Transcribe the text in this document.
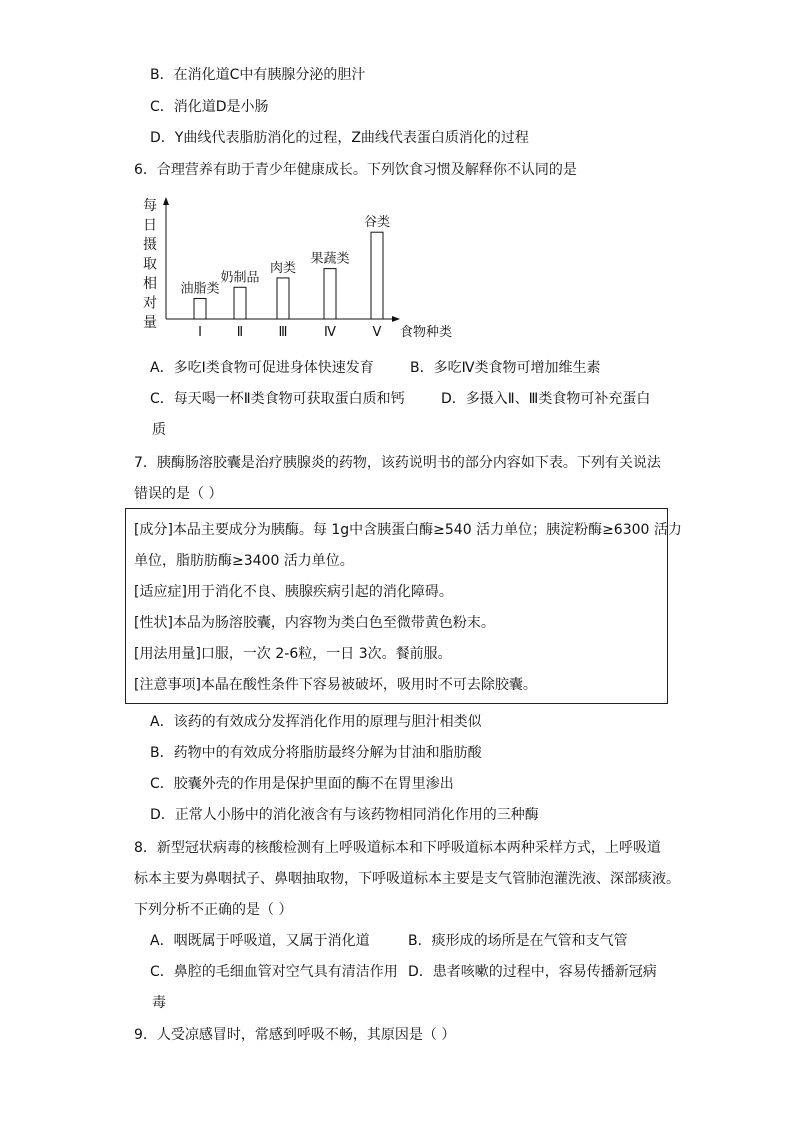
B．在消化道C中有胰腺分泌的胆汁
C．消化道D是小肠
D．Y曲线代表脂肪消化的过程，Z曲线代表蛋白质消化的过程
6．合理营养有助于青少年健康成长。下列饮食习惯及解释你不认同的是
每
日
摄
取
相
对
量
食物种类
油脂类
Ⅰ
奶制品
Ⅱ
肉类
Ⅲ
果蔬类
Ⅳ
谷类
Ⅴ
A．多吃Ⅰ类食物可促进身体快速发育	B．多吃Ⅳ类食物可增加维生素
C．每天喝一杯Ⅱ类食物可获取蛋白质和钙	D．多摄入Ⅱ、Ⅲ类食物可补充蛋白
质
7．胰酶肠溶胶囊是治疗胰腺炎的药物，该药说明书的部分内容如下表。下列有关说法
错误的是（ ）
[成分]本品主要成分为胰酶。每 1g中含胰蛋白酶≥540 活力单位；胰淀粉酶≥6300 活力
单位，脂肪肪酶≥3400 活力单位。
[适应症]用于消化不良、胰腺疾病引起的消化障碍。
[性状]本品为肠溶胶囊，内容物为类白色至微带黄色粉末。
[用法用量]口服，一次 2-6粒，一日 3次。餐前服。
[注意事项]本晶在酸性条件下容易被破坏，吸用时不可去除胶囊。
A．该药的有效成分发挥消化作用的原理与胆汁相类似
B．药物中的有效成分将脂肪最终分解为甘油和脂肪酸
C．胶囊外壳的作用是保护里面的酶不在胃里渗出
D．正常人小肠中的消化液含有与该药物相同消化作用的三种酶
8．新型冠状病毒的核酸检测有上呼吸道标本和下呼吸道标本两种采样方式，上呼吸道
标本主要为鼻咽拭子、鼻咽抽取物，下呼吸道标本主要是支气管肺泡灌洗液、深部痰液。
下列分析不正确的是（ ）
A．咽既属于呼吸道，又属于消化道	B．痰形成的场所是在气管和支气管
C．鼻腔的毛细血管对空气具有清洁作用 D．患者咳嗽的过程中，容易传播新冠病
毒
9．人受凉感冒时，常感到呼吸不畅，其原因是（ ）
